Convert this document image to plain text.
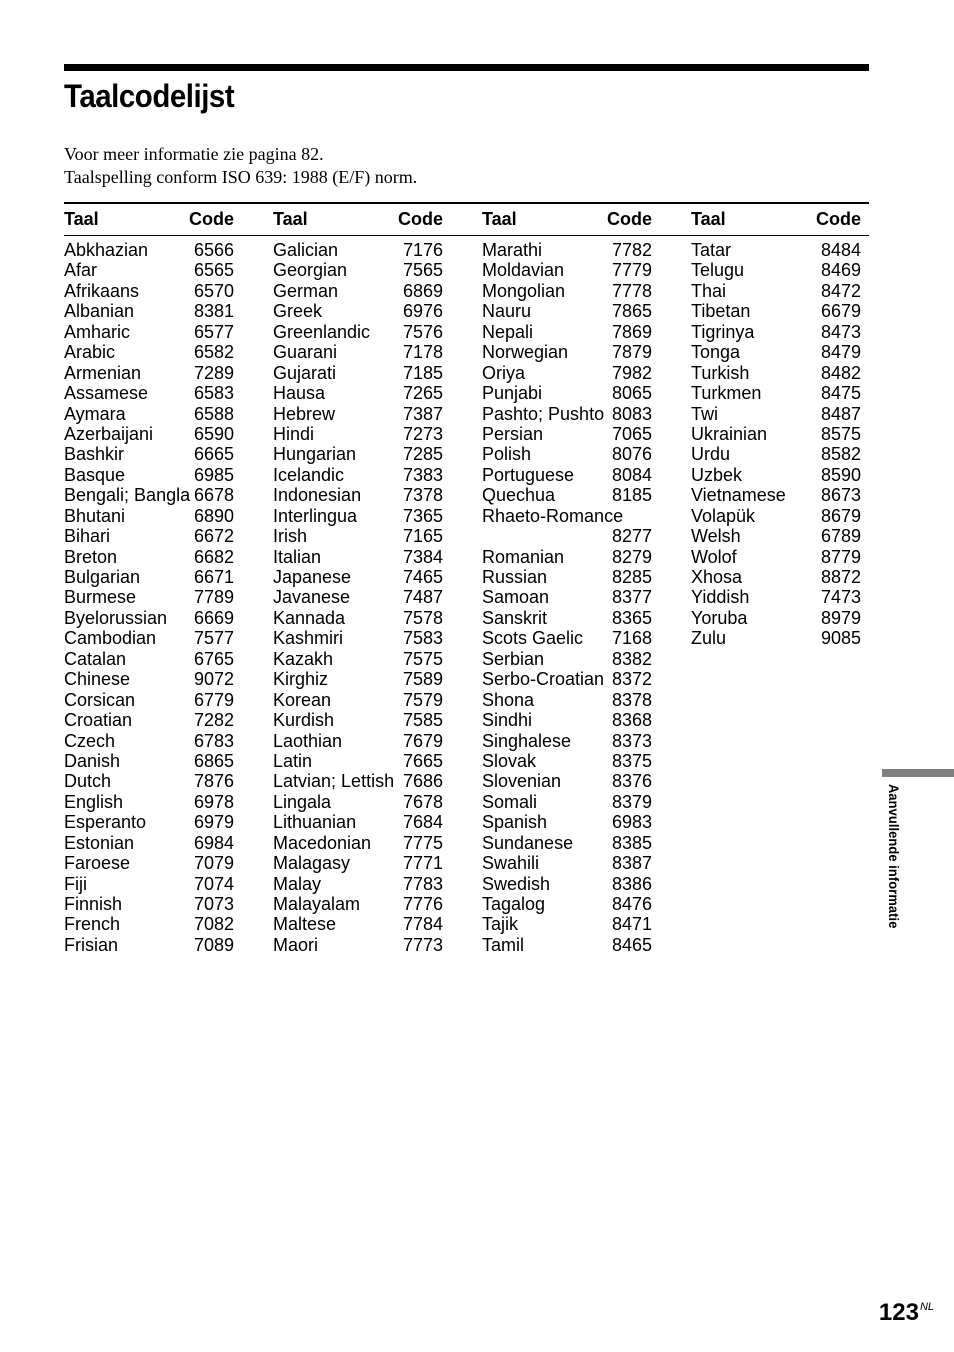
Taalcodelijst
Voor meer informatie zie pagina 82.
Taalspelling conform ISO 639: 1988 (E/F) norm.
Taal	Code
Abkhazian	6566
Afar	6565
Afrikaans	6570
Albanian	8381
Amharic	6577
Arabic	6582
Armenian	7289
Assamese	6583
Aymara	6588
Azerbaijani 6590
Bashkir	6665
Basque	6985
Bengali; Bangla 6678
Bhutani	6890
Bihari	6672
Breton	6682
Bulgarian	6671
Burmese	7789
Byelorussian 6669
Cambodian 7577
Catalan	6765
Chinese	9072
Corsican	6779
Croatian	7282
Czech	6783
Danish	6865
Dutch	7876
English	6978
Esperanto	6979
Estonian	6984
Faroese	7079
Fiji	7074
Finnish	7073
French	7082
Frisian	7089
Taal	Code
Galician	7176
Georgian	7565
German	6869
Greek	6976
Greenlandic 7576
Guarani	7178
Gujarati	7185
Hausa	7265
Hebrew	7387
Hindi	7273
Hungarian	7285
Icelandic	7383
Indonesian 7378
Interlingua	7365
Irish	7165
Italian	7384
Japanese	7465
Javanese	7487
Kannada	7578
Kashmiri	7583
Kazakh	7575
Kirghiz	7589
Korean	7579
Kurdish	7585
Laothian	7679
Latin	7665
Latvian; Lettish 7686
Lingala	7678
Lithuanian	7684
Macedonian 7775
Malagasy	7771
Malay	7783
Malayalam 7776
Maltese	7784
Maori	7773
Taal	Code
Marathi	7782
Moldavian	7779
Mongolian	7778
Nauru	7865
Nepali	7869
Norwegian 7879
Oriya	7982
Punjabi	8065
Pashto; Pushto 8083
Persian	7065
Polish	8076
Portuguese 8084
Quechua	8185
Rhaeto-Romance
8277
Romanian	8279
Russian	8285
Samoan	8377
Sanskrit	8365
Scots Gaelic 7168
Serbian	8382
Serbo-Croatian 8372
Shona	8378
Sindhi	8368
Singhalese 8373
Slovak	8375
Slovenian	8376
Somali	8379
Spanish	6983
Sundanese 8385
Swahili	8387
Swedish	8386
Tagalog	8476
Tajik	8471
Tamil	8465
Taal	Code
Tatar	8484
Telugu	8469
Thai	8472
Tibetan	6679
Tigrinya	8473
Tonga	8479
Turkish	8482
Turkmen	8475
Twi	8487
Ukrainian	8575
Urdu	8582
Uzbek	8590
Vietnamese 8673
Volapük	8679
Welsh	6789
Wolof	8779
Xhosa	8872
Yiddish	7473
Yoruba	8979
Zulu	9085
Aanvullende informatie
$123^{NL}$
